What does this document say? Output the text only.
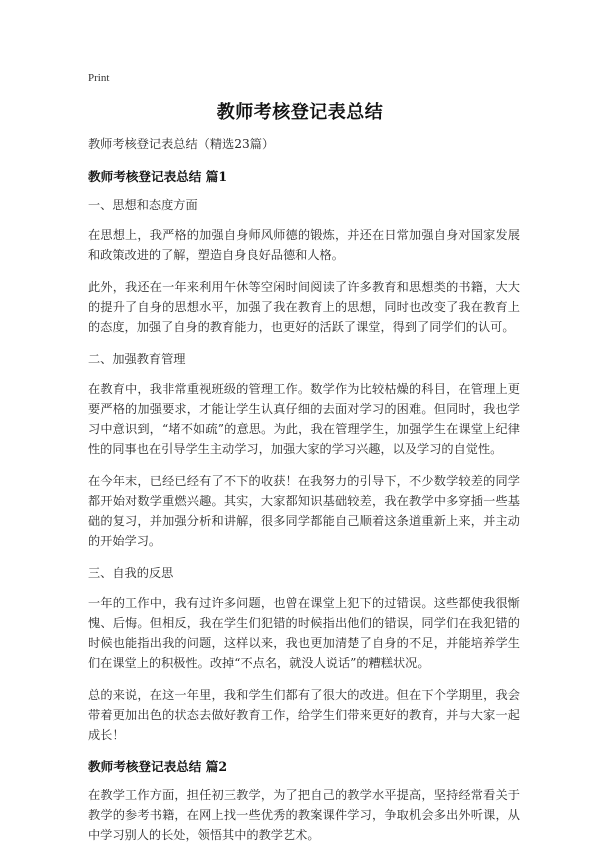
Print
教师考核登记表总结

教师考核登记表总结（精选23篇）

教师考核登记表总结 篇1

一、思想和态度方面

在思想上，我严格的加强自身师风师德的锻炼，并还在日常加强自身对国家发展和政策改进的了解，塑造自身良好品德和人格。

此外，我还在一年来利用午休等空闲时间阅读了许多教育和思想类的书籍，大大的提升了自身的思想水平，加强了我在教育上的思想，同时也改变了我在教育上的态度，加强了自身的教育能力，也更好的活跃了课堂，得到了同学们的认可。

二、加强教育管理

在教育中，我非常重视班级的管理工作。数学作为比较枯燥的科目，在管理上更要严格的加强要求，才能让学生认真仔细的去面对学习的困难。但同时，我也学习中意识到，“堵不如疏”的意思。为此，我在管理学生，加强学生在课堂上纪律性的同事也在引导学生主动学习，加强大家的学习兴趣，以及学习的自觉性。

在今年末，已经已经有了不下的收获！在我努力的引导下，不少数学较差的同学都开始对数学重燃兴趣。其实，大家都知识基础较差，我在教学中多穿插一些基础的复习，并加强分析和讲解，很多同学都能自己顺着这条道重新上来，并主动的开始学习。

三、自我的反思

一年的工作中，我有过许多问题，也曾在课堂上犯下的过错误。这些都使我很惭愧、后悔。但相反，我在学生们犯错的时候指出他们的错误，同学们在我犯错的时候也能指出我的问题，这样以来，我也更加清楚了自身的不足，并能培养学生们在课堂上的积极性。改掉“不点名，就没人说话”的糟糕状况。

总的来说，在这一年里，我和学生们都有了很大的改进。但在下个学期里，我会带着更加出色的状态去做好教育工作，给学生们带来更好的教育，并与大家一起成长！

教师考核登记表总结 篇2

在教学工作方面，担任初三教学，为了把自己的教学水平提高，坚持经常看关于教学的参考书籍，在网上找一些优秀的教案课件学习，争取机会多出外听课，从中学习别人的长处，领悟其中的教学艺术。
